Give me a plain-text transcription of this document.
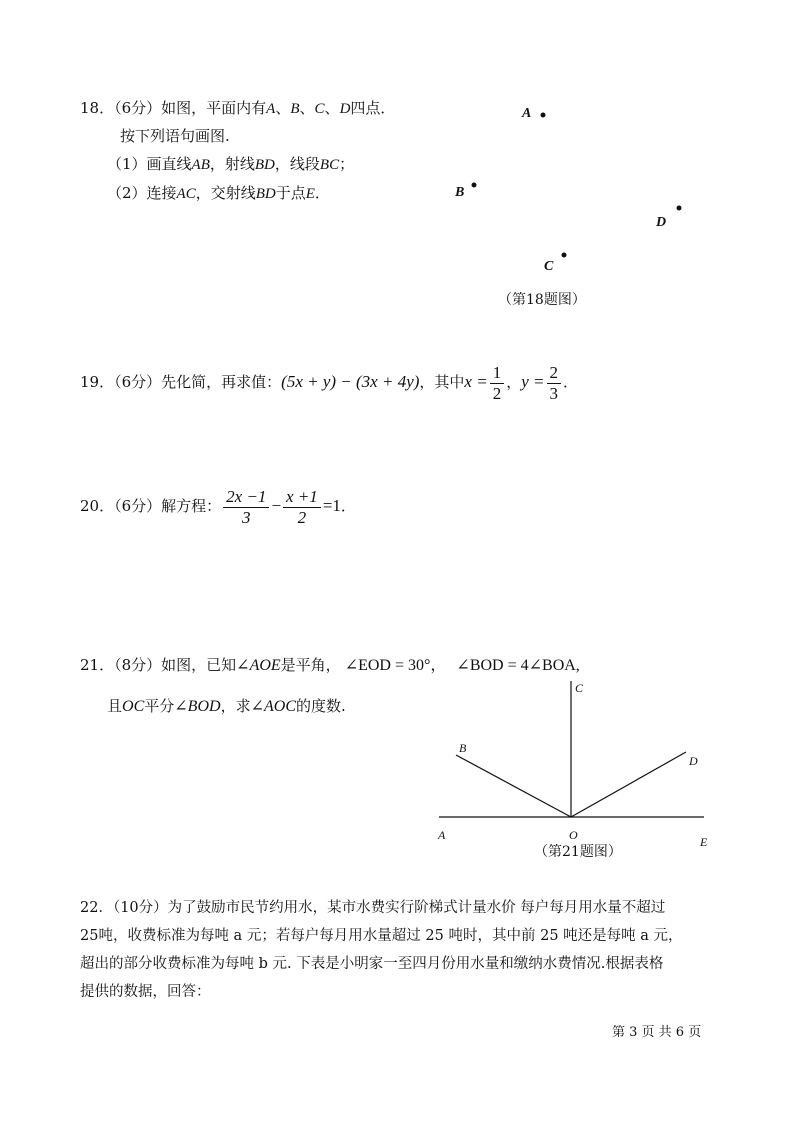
18．（6分）如图，平面内有A、B、C、D四点．
按下列语句画图.
（1）画直线AB，射线BD，线段BC；
（2）连接AC，交射线BD于点E．
A
B
D
C
（第18题图）
19．（6分）先化简，再求值：(5x + y) − (3x + 4y)，其中$x = \frac{1}{2}$ ，$y = \frac{2}{3}$ ．
20．（6分）解方程： $\frac{2x -1}{3} - \frac{x +1}{2} =1$．
21．（8分）如图，已知∠AOE是平角， ∠EOD = 30°， ∠BOD = 4∠BOA,
且OC平分∠BOD，求∠AOC的度数.
C
B
D
A	O	E
（第21题图）
22．（10分）为了鼓励市民节约用水，某市水费实行阶梯式计量水价 每户每月用水量不超过
25吨，收费标准为每吨 a 元；若每户每月用水量超过 25 吨时，其中前 25 吨还是每吨 a 元，
超出的部分收费标准为每吨 b 元. 下表是小明家一至四月份用水量和缴纳水费情况.根据表格
提供的数据，回答：
第 3 页 共 6 页
